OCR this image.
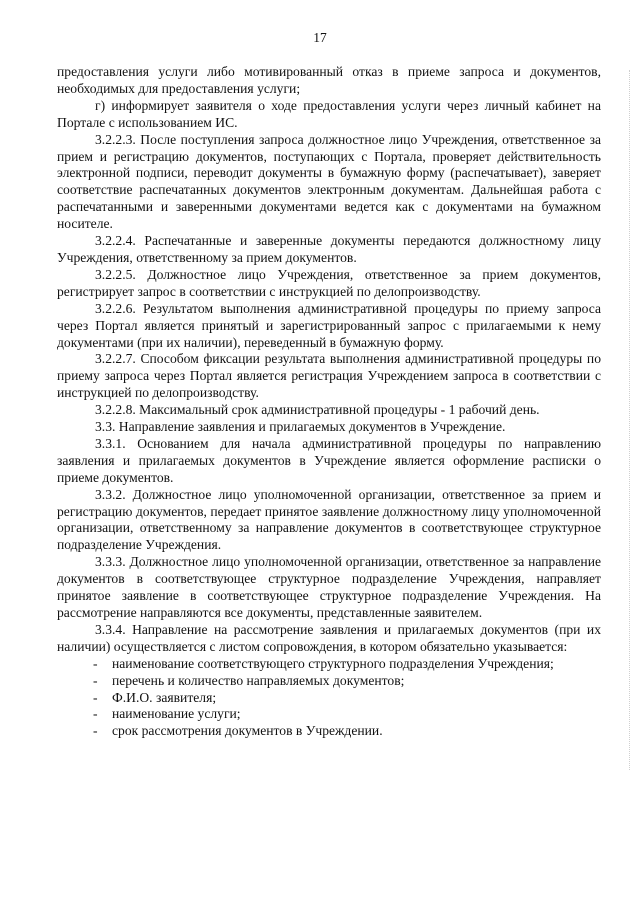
17

предоставления услуги либо мотивированный отказ в приеме запроса и документов, необходимых для предоставления услуги;

г) информирует заявителя о ходе предоставления услуги через личный кабинет на Портале с использованием ИС.

3.2.2.3. После поступления запроса должностное лицо Учреждения, ответственное за прием и регистрацию документов, поступающих с Портала, проверяет действительность электронной подписи, переводит документы в бумажную форму (распечатывает), заверяет соответствие распечатанных документов электронным документам. Дальнейшая работа с распечатанными и заверенными документами ведется как с документами на бумажном носителе.

3.2.2.4. Распечатанные и заверенные документы передаются должностному лицу Учреждения, ответственному за прием документов.

3.2.2.5. Должностное лицо Учреждения, ответственное за прием документов, регистрирует запрос в соответствии с инструкцией по делопроизводству.

3.2.2.6. Результатом выполнения административной процедуры по приему запроса через Портал является принятый и зарегистрированный запрос с прилагаемыми к нему документами (при их наличии), переведенный в бумажную форму.

3.2.2.7. Способом фиксации результата выполнения административной процедуры по приему запроса через Портал является регистрация Учреждением запроса в соответствии с инструкцией по делопроизводству.

3.2.2.8. Максимальный срок административной процедуры - 1 рабочий день.

3.3. Направление заявления и прилагаемых документов в Учреждение.

3.3.1. Основанием для начала административной процедуры по направлению заявления и прилагаемых документов в Учреждение является оформление расписки о приеме документов.

3.3.2. Должностное лицо уполномоченной организации, ответственное за прием и регистрацию документов, передает принятое заявление должностному лицу уполномоченной организации, ответственному за направление документов в соответствующее структурное подразделение Учреждения.

3.3.3. Должностное лицо уполномоченной организации, ответственное за направление документов в соответствующее структурное подразделение Учреждения, направляет принятое заявление в соответствующее структурное подразделение Учреждения. На рассмотрение направляются все документы, представленные заявителем.

3.3.4. Направление на рассмотрение заявления и прилагаемых документов (при их наличии) осуществляется с листом сопровождения, в котором обязательно указывается:

- наименование соответствующего структурного подразделения Учреждения;
- перечень и количество направляемых документов;
- Ф.И.О. заявителя;
- наименование услуги;
- срок рассмотрения документов в Учреждении.
